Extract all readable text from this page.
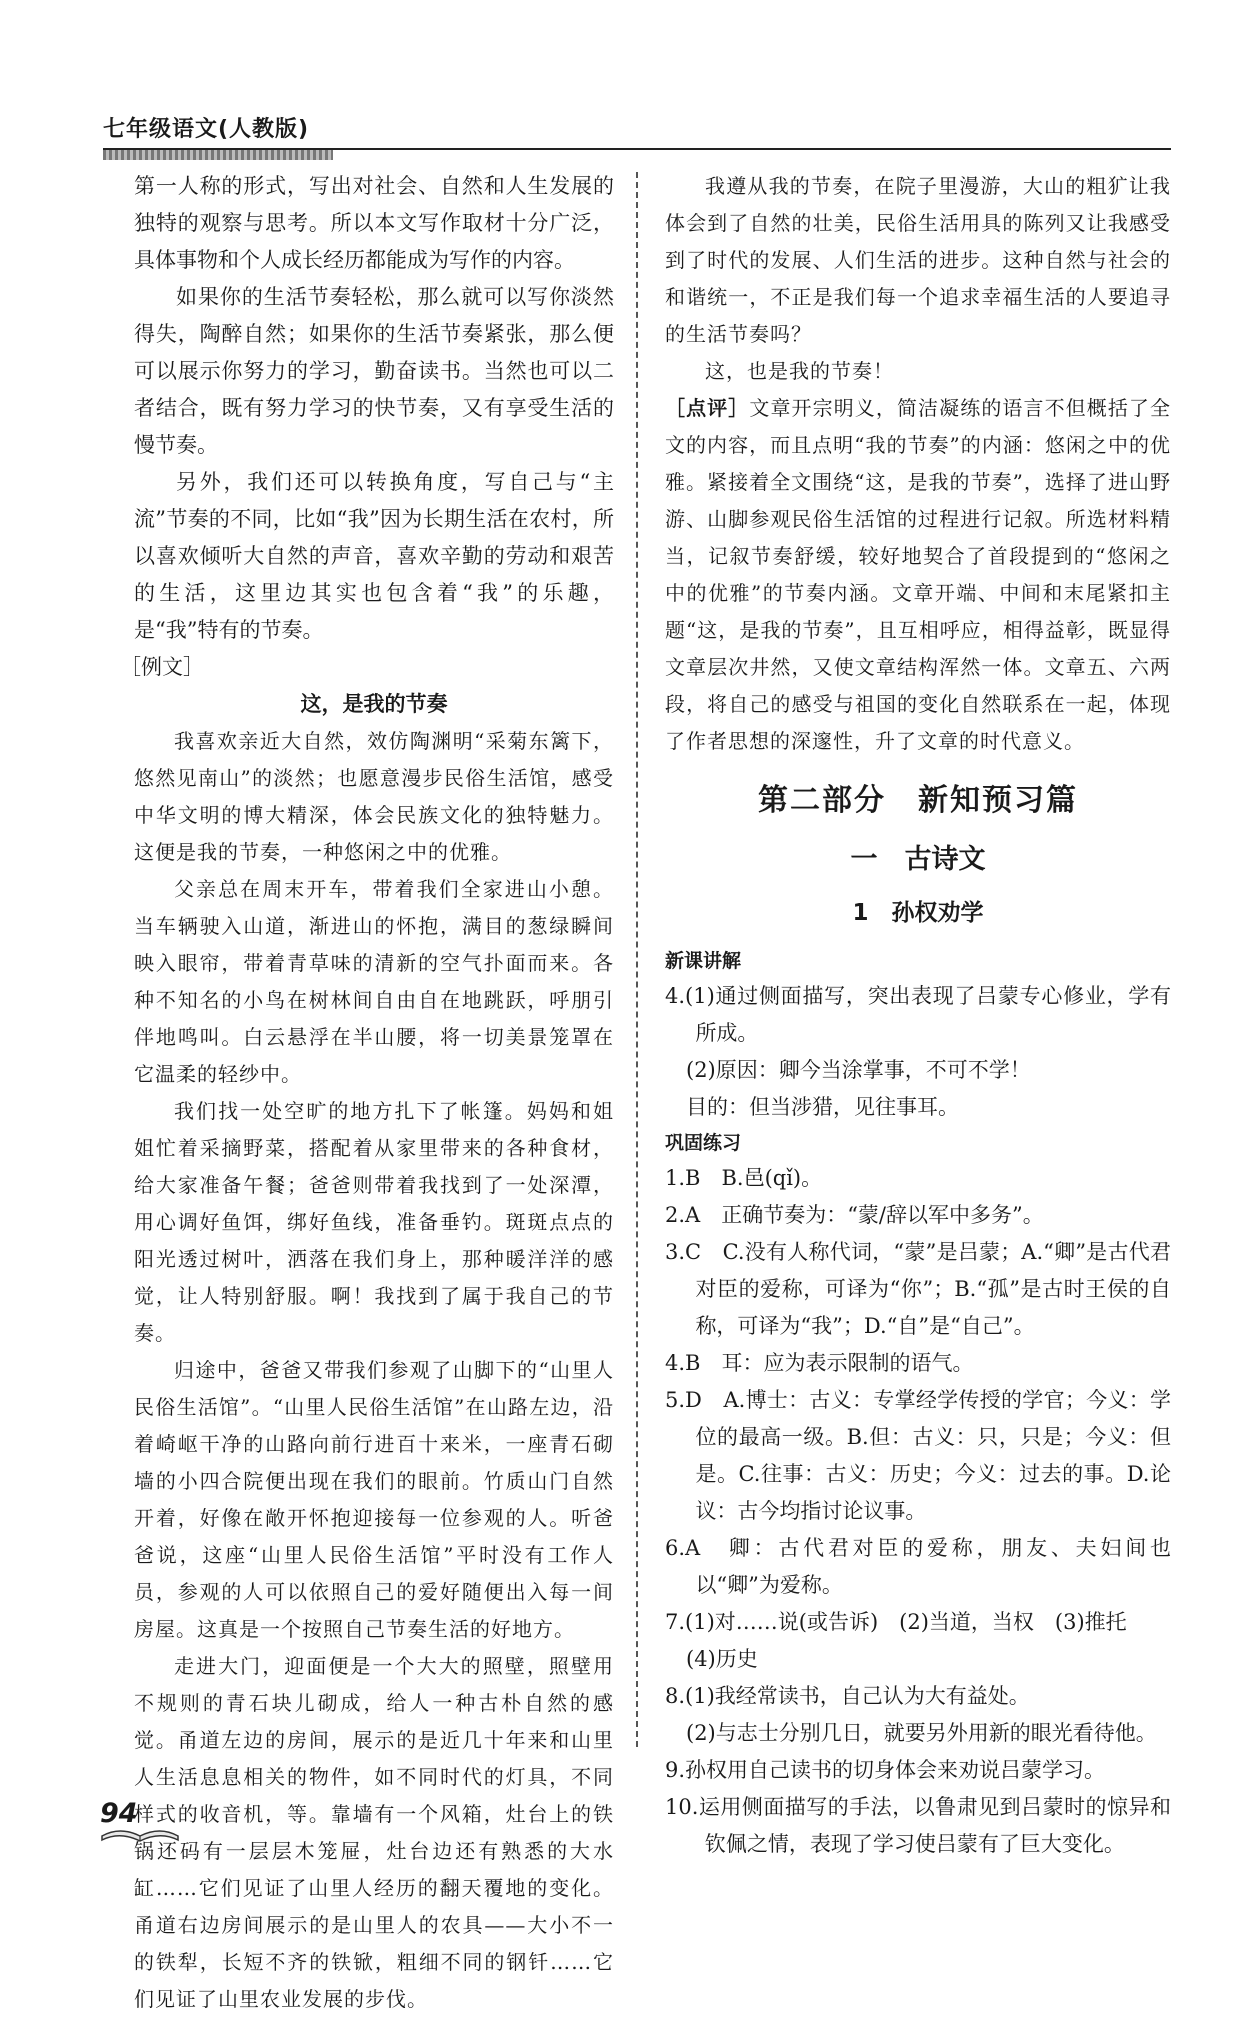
七年级语文(人教版)

第一人称的形式，写出对社会、自然和人生发展的独特的观察与思考。所以本文写作取材十分广泛，具体事物和个人成长经历都能成为写作的内容。

如果你的生活节奏轻松，那么就可以写你淡然得失，陶醉自然；如果你的生活节奏紧张，那么便可以展示你努力的学习，勤奋读书。当然也可以二者结合，既有努力学习的快节奏，又有享受生活的慢节奏。

另外，我们还可以转换角度，写自己与“主流”节奏的不同，比如“我”因为长期生活在农村，所以喜欢倾听大自然的声音，喜欢辛勤的劳动和艰苦的生活，这里边其实也包含着“我”的乐趣，是“我”特有的节奏。

［例文］

这，是我的节奏

我喜欢亲近大自然，效仿陶渊明“采菊东篱下，悠然见南山”的淡然；也愿意漫步民俗生活馆，感受中华文明的博大精深，体会民族文化的独特魅力。这便是我的节奏，一种悠闲之中的优雅。

父亲总在周末开车，带着我们全家进山小憩。当车辆驶入山道，渐进山的怀抱，满目的葱绿瞬间映入眼帘，带着青草味的清新的空气扑面而来。各种不知名的小鸟在树林间自由自在地跳跃，呼朋引伴地鸣叫。白云悬浮在半山腰，将一切美景笼罩在它温柔的轻纱中。

我们找一处空旷的地方扎下了帐篷。妈妈和姐姐忙着采摘野菜，搭配着从家里带来的各种食材，给大家准备午餐；爸爸则带着我找到了一处深潭，用心调好鱼饵，绑好鱼线，准备垂钓。斑斑点点的阳光透过树叶，洒落在我们身上，那种暖洋洋的感觉，让人特别舒服。啊！我找到了属于我自己的节奏。

归途中，爸爸又带我们参观了山脚下的“山里人民俗生活馆”。“山里人民俗生活馆”在山路左边，沿着崎岖干净的山路向前行进百十来米，一座青石砌墙的小四合院便出现在我们的眼前。竹质山门自然开着，好像在敞开怀抱迎接每一位参观的人。听爸爸说，这座“山里人民俗生活馆”平时没有工作人员，参观的人可以依照自己的爱好随便出入每一间房屋。这真是一个按照自己节奏生活的好地方。

走进大门，迎面便是一个大大的照壁，照壁用不规则的青石块儿砌成，给人一种古朴自然的感觉。甬道左边的房间，展示的是近几十年来和山里人生活息息相关的物件，如不同时代的灯具，不同样式的收音机，等。靠墙有一个风箱，灶台上的铁锅还码有一层层木笼屉，灶台边还有熟悉的大水缸……它们见证了山里人经历的翻天覆地的变化。甬道右边房间展示的是山里人的农具——大小不一的铁犁，长短不齐的铁锨，粗细不同的钢钎……它们见证了山里农业发展的步伐。

我遵从我的节奏，在院子里漫游，大山的粗犷让我体会到了自然的壮美，民俗生活用具的陈列又让我感受到了时代的发展、人们生活的进步。这种自然与社会的和谐统一，不正是我们每一个追求幸福生活的人要追寻的生活节奏吗？

这，也是我的节奏！

［点评］文章开宗明义，简洁凝练的语言不但概括了全文的内容，而且点明“我的节奏”的内涵：悠闲之中的优雅。紧接着全文围绕“这，是我的节奏”，选择了进山野游、山脚参观民俗生活馆的过程进行记叙。所选材料精当，记叙节奏舒缓，较好地契合了首段提到的“悠闲之中的优雅”的节奏内涵。文章开端、中间和末尾紧扣主题“这，是我的节奏”，且互相呼应，相得益彰，既显得文章层次井然，又使文章结构浑然一体。文章五、六两段，将自己的感受与祖国的变化自然联系在一起，体现了作者思想的深邃性，升了文章的时代意义。

第二部分　新知预习篇

一　古诗文

1　孙权劝学

新课讲解

4.(1)通过侧面描写，突出表现了吕蒙专心修业，学有所成。

(2)原因：卿今当涂掌事，不可不学！

目的：但当涉猎，见往事耳。

巩固练习

1.B　B.邑(qǐ)。

2.A　正确节奏为：“蒙/辞以军中多务”。

3.C　C.没有人称代词，“蒙”是吕蒙；A.“卿”是古代君对臣的爱称，可译为“你”；B.“孤”是古时王侯的自称，可译为“我”；D.“自”是“自己”。

4.B　耳：应为表示限制的语气。

5.D　A.博士：古义：专掌经学传授的学官；今义：学位的最高一级。B.但：古义：只，只是；今义：但是。C.往事：古义：历史；今义：过去的事。D.论议：古今均指讨论议事。

6.A　卿：古代君对臣的爱称，朋友、夫妇间也以“卿”为爱称。

7.(1)对……说(或告诉)　(2)当道，当权　(3)推托

(4)历史

8.(1)我经常读书，自己认为大有益处。

(2)与志士分别几日，就要另外用新的眼光看待他。

9.孙权用自己读书的切身体会来劝说吕蒙学习。

10.运用侧面描写的手法，以鲁肃见到吕蒙时的惊异和钦佩之情，表现了学习使吕蒙有了巨大变化。

94
